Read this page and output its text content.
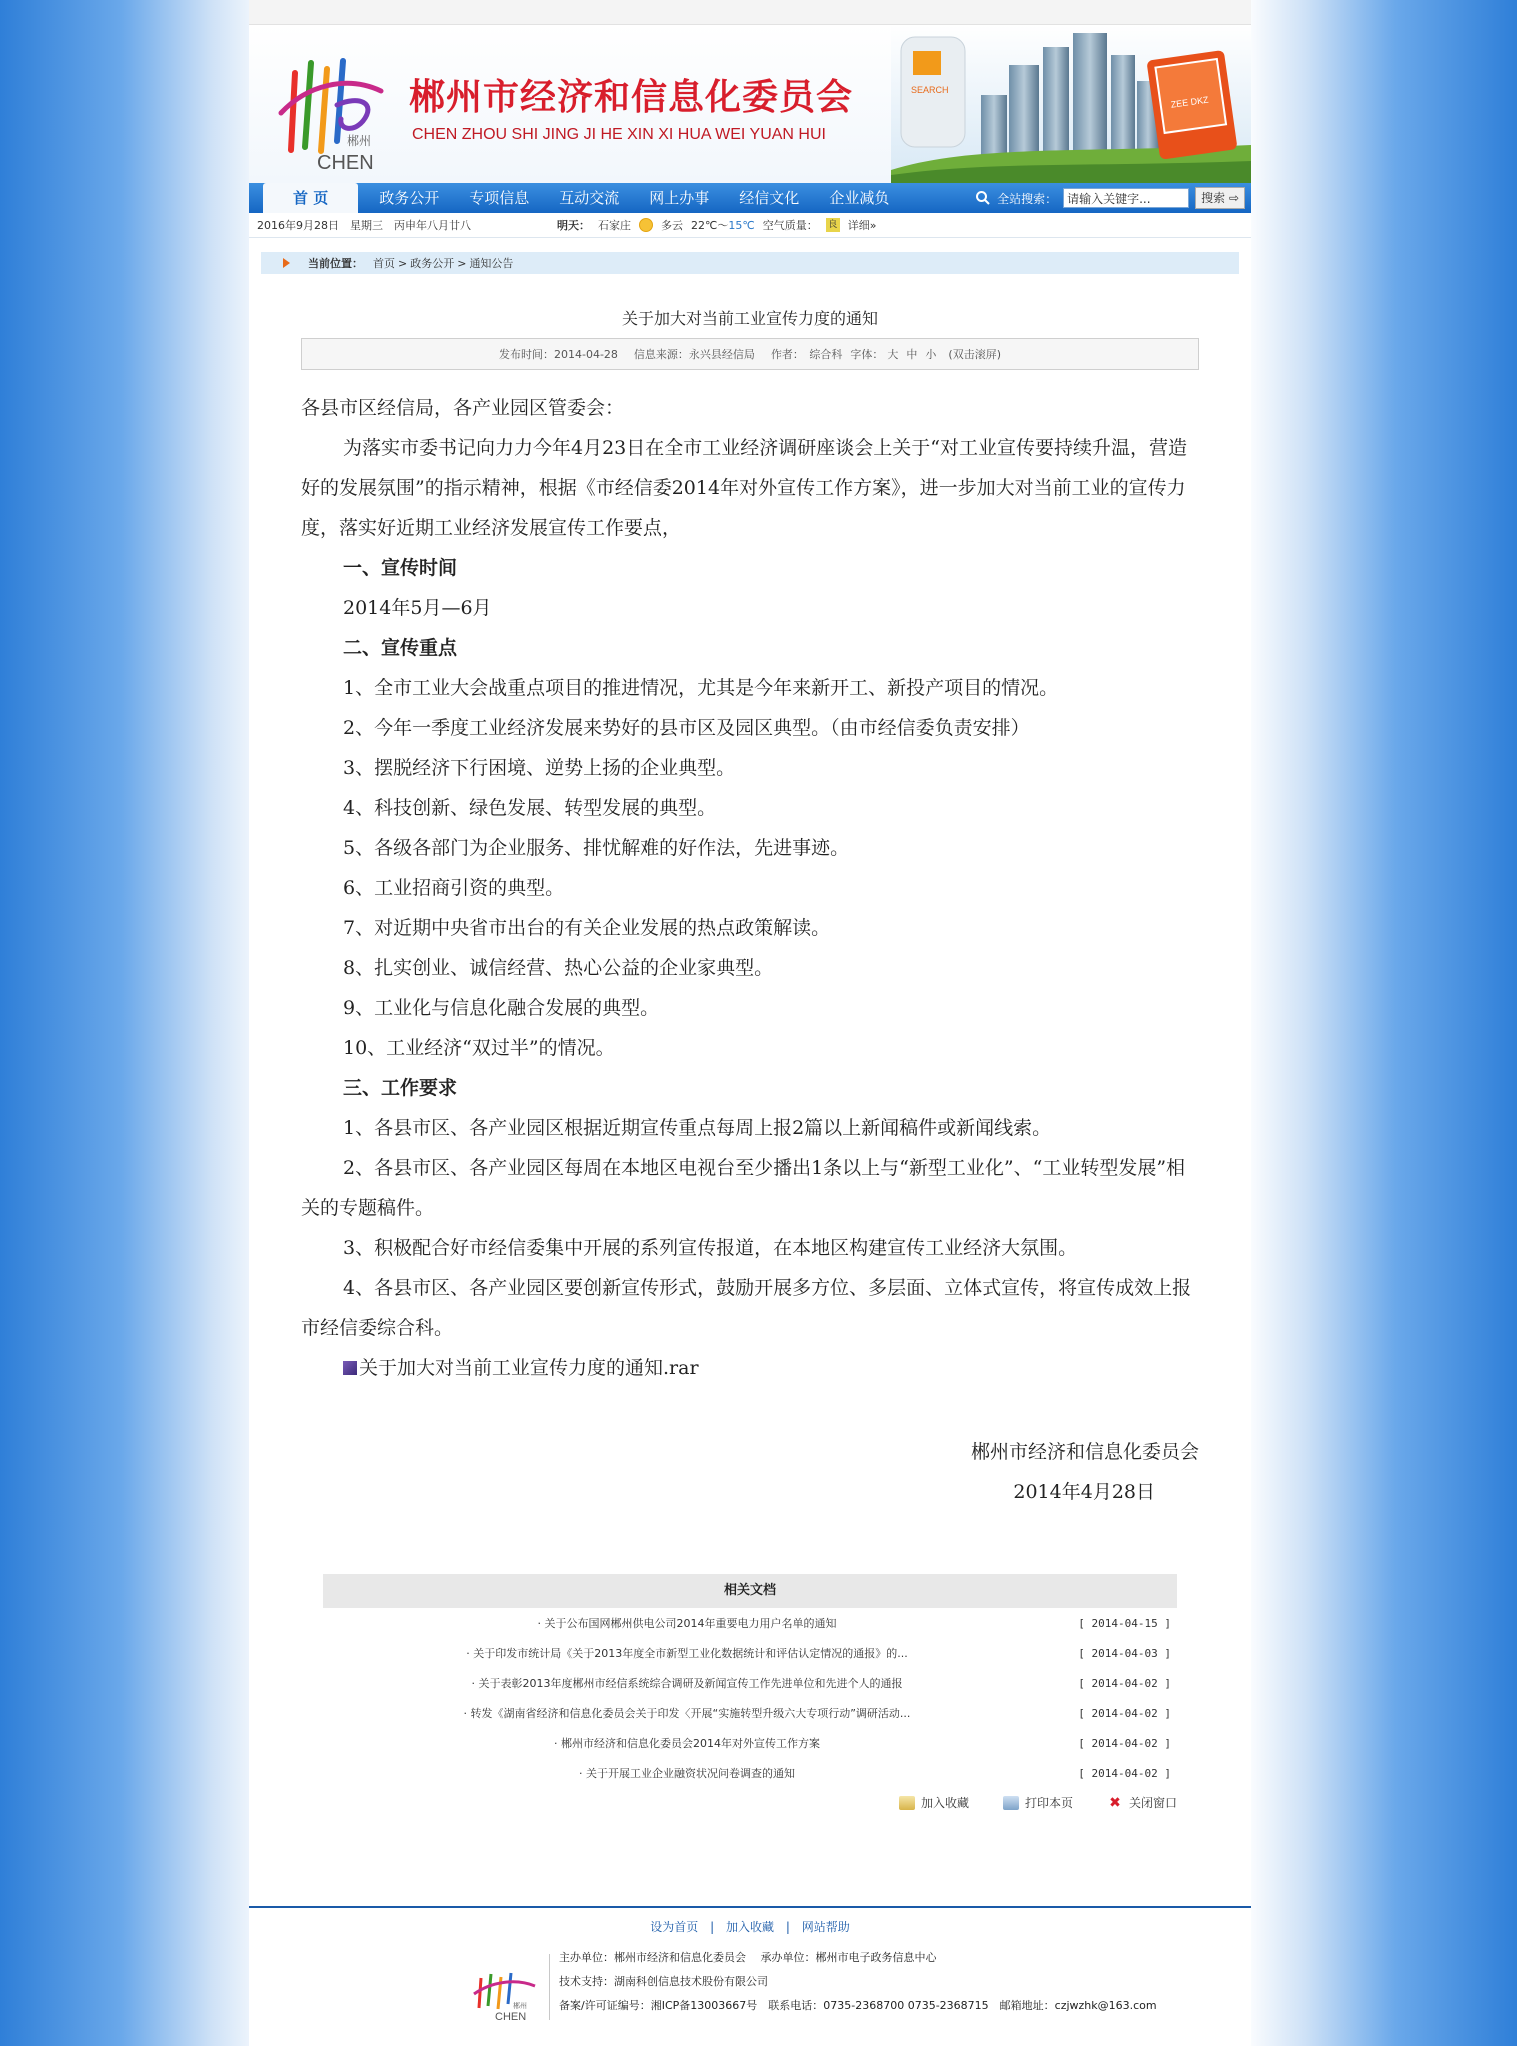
郴州
CHEN
郴州市经济和信息化委员会
CHEN ZHOU SHI JING JI HE XIN XI HUA WEI YUAN HUI
SEARCH
ZEE DKZ
首 页	政务公开	专项信息	互动交流	网上办事	经信文化	企业减负	全站搜索：
请输入关键字...	搜索 ⇨
2016年9月28日　星期三　丙申年八月廿八	明天： 石家庄	多云 22℃～15℃ 空气质量： 良 详细»
当前位置： 首页 > 政务公开 > 通知公告
关于加大对当前工业宣传力度的通知
发布时间：2014-04-28 信息来源：永兴县经信局 作者：　综合科 字体： 大 中 小 (双击滚屏)

各县市区经信局，各产业园区管委会：

为落实市委书记向力力今年4月23日在全市工业经济调研座谈会上关于“对工业宣传要持续升温，营造好的发展氛围”的指示精神，根据《市经信委2014年对外宣传工作方案》，进一步加大对当前工业的宣传力度，落实好近期工业经济发展宣传工作要点，

一、宣传时间

2014年5月—6月

二、宣传重点

1、全市工业大会战重点项目的推进情况，尤其是今年来新开工、新投产项目的情况。

2、今年一季度工业经济发展来势好的县市区及园区典型。（由市经信委负责安排）

3、摆脱经济下行困境、逆势上扬的企业典型。

4、科技创新、绿色发展、转型发展的典型。

5、各级各部门为企业服务、排忧解难的好作法，先进事迹。

6、工业招商引资的典型。

7、对近期中央省市出台的有关企业发展的热点政策解读。

8、扎实创业、诚信经营、热心公益的企业家典型。

9、工业化与信息化融合发展的典型。

10、工业经济“双过半”的情况。

三、工作要求

1、各县市区、各产业园区根据近期宣传重点每周上报2篇以上新闻稿件或新闻线索。

2、各县市区、各产业园区每周在本地区电视台至少播出1条以上与“新型工业化”、“工业转型发展”相关的专题稿件。

3、积极配合好市经信委集中开展的系列宣传报道，在本地区构建宣传工业经济大氛围。

4、各县市区、各产业园区要创新宣传形式，鼓励开展多方位、多层面、立体式宣传，将宣传成效上报市经信委综合科。

关于加大对当前工业宣传力度的通知.rar

郴州市经济和信息化委员会
2014年4月28日
相关文档
· 关于公布国网郴州供电公司2014年重要电力用户名单的通知	[ 2014-04-15 ]
· 关于印发市统计局《关于2013年度全市新型工业化数据统计和评估认定情况的通报》的...	[ 2014-04-03 ]
· 关于表彰2013年度郴州市经信系统综合调研及新闻宣传工作先进单位和先进个人的通报	[ 2014-04-02 ]
· 转发《湖南省经济和信息化委员会关于印发〈开展“实施转型升级六大专项行动”调研活动...	[ 2014-04-02 ]
· 郴州市经济和信息化委员会2014年对外宣传工作方案	[ 2014-04-02 ]
· 关于开展工业企业融资状况问卷调查的通知	[ 2014-04-02 ]
加入收藏	打印本页	✖ 关闭窗口
设为首页 | 加入收藏 | 网站帮助
郴州
CHEN
主办单位：郴州市经济和信息化委员会　 承办单位：郴州市电子政务信息中心
技术支持：湖南科创信息技术股份有限公司
备案/许可证编号：湘ICP备13003667号　联系电话：0735-2368700 0735-2368715　邮箱地址：czjwzhk@163.com
